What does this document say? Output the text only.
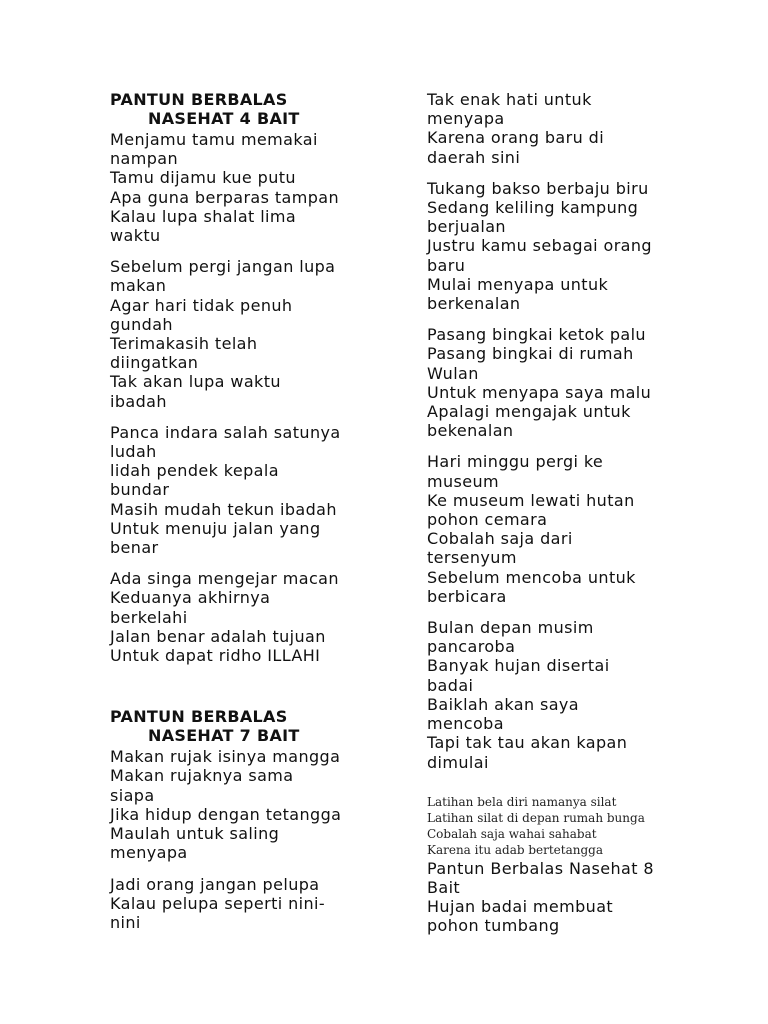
PANTUN BERBALAS
NASEHAT 4 BAIT
Menjamu tamu memakai
nampan
Tamu dijamu kue putu
Apa guna berparas tampan
Kalau lupa shalat lima
waktu
Sebelum pergi jangan lupa
makan
Agar hari tidak penuh
gundah
Terimakasih telah
diingatkan
Tak akan lupa waktu
ibadah
Panca indara salah satunya
ludah
lidah pendek kepala
bundar
Masih mudah tekun ibadah
Untuk menuju jalan yang
benar
Ada singa mengejar macan
Keduanya akhirnya
berkelahi
Jalan benar adalah tujuan
Untuk dapat ridho ILLAHI
PANTUN BERBALAS
NASEHAT 7 BAIT
Makan rujak isinya mangga
Makan rujaknya sama
siapa
Jika hidup dengan tetangga
Maulah untuk saling
menyapa
Jadi orang jangan pelupa
Kalau pelupa seperti nini-
nini
Tak enak hati untuk
menyapa
Karena orang baru di
daerah sini
Tukang bakso berbaju biru
Sedang keliling kampung
berjualan
Justru kamu sebagai orang
baru
Mulai menyapa untuk
berkenalan
Pasang bingkai ketok palu
Pasang bingkai di rumah
Wulan
Untuk menyapa saya malu
Apalagi mengajak untuk
bekenalan
Hari minggu pergi ke
museum
Ke museum lewati hutan
pohon cemara
Cobalah saja dari
tersenyum
Sebelum mencoba untuk
berbicara
Bulan depan musim
pancaroba
Banyak hujan disertai
badai
Baiklah akan saya
mencoba
Tapi tak tau akan kapan
dimulai
Latihan bela diri namanya silat
Latihan silat di depan rumah bunga
Cobalah saja wahai sahabat
Karena itu adab bertetangga
Pantun Berbalas Nasehat 8
Bait
Hujan badai membuat
pohon tumbang
